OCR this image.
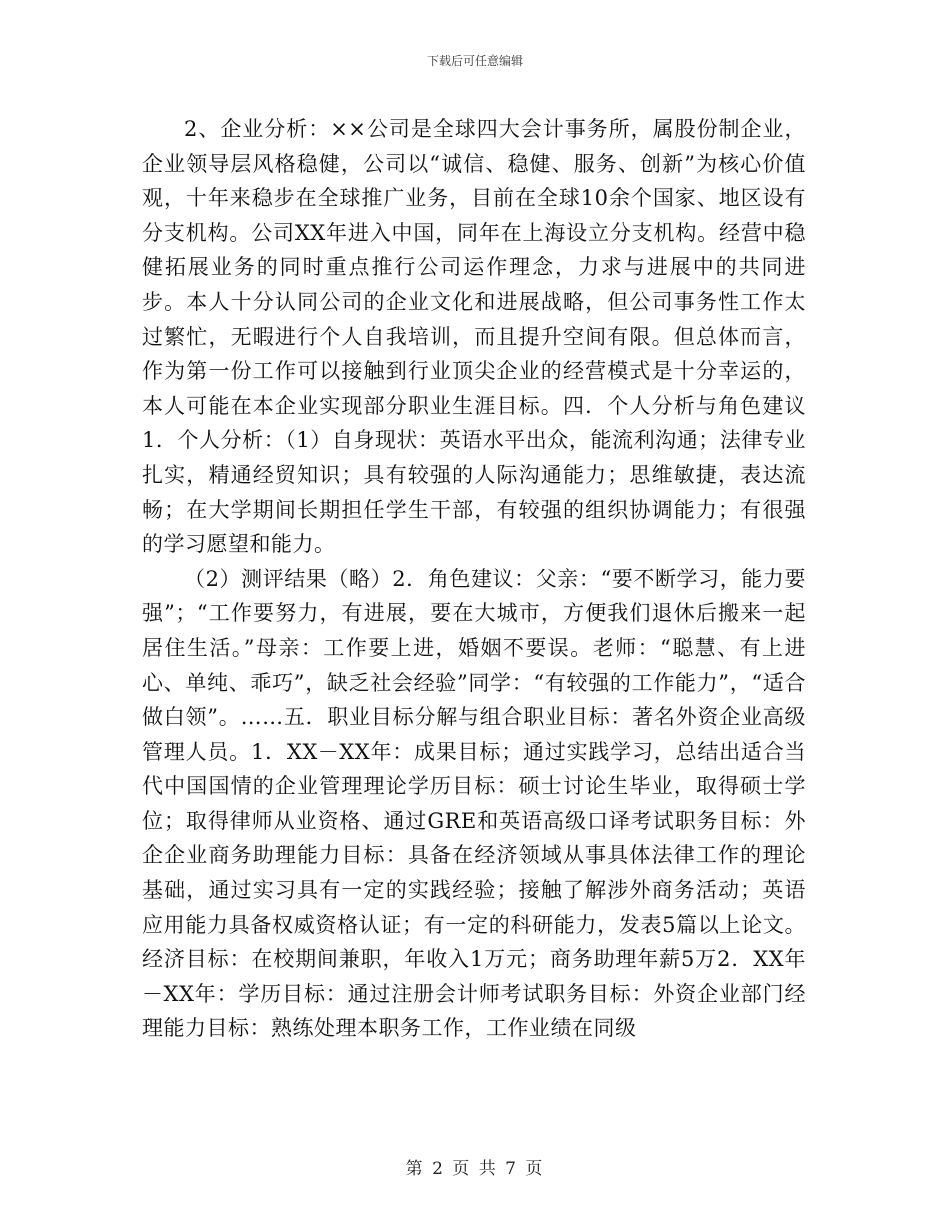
下载后可任意编辑

2、企业分析：××公司是全球四大会计事务所，属股份制企业，企业领导层风格稳健，公司以“诚信、稳健、服务、创新”为核心价值观，十年来稳步在全球推广业务，目前在全球10余个国家、地区设有分支机构。公司XX年进入中国，同年在上海设立分支机构。经营中稳健拓展业务的同时重点推行公司运作理念，力求与进展中的共同进步。本人十分认同公司的企业文化和进展战略，但公司事务性工作太过繁忙，无暇进行个人自我培训，而且提升空间有限。但总体而言，作为第一份工作可以接触到行业顶尖企业的经营模式是十分幸运的，本人可能在本企业实现部分职业生涯目标。四．个人分析与角色建议 1．个人分析：（1）自身现状：英语水平出众，能流利沟通；法律专业扎实，精通经贸知识；具有较强的人际沟通能力；思维敏捷，表达流畅；在大学期间长期担任学生干部，有较强的组织协调能力；有很强的学习愿望和能力。

（2）测评结果（略）2．角色建议：父亲：“要不断学习，能力要强”；“工作要努力，有进展，要在大城市，方便我们退休后搬来一起居住生活。”母亲：工作要上进，婚姻不要误。老师：“聪慧、有上进心、单纯、乖巧”，缺乏社会经验”同学：“有较强的工作能力”，“适合做白领”。……五．职业目标分解与组合职业目标：著名外资企业高级管理人员。1．XX－XX年：成果目标；通过实践学习，总结出适合当代中国国情的企业管理理论学历目标：硕士讨论生毕业，取得硕士学位；取得律师从业资格、通过GRE和英语高级口译考试职务目标：外企企业商务助理能力目标：具备在经济领域从事具体法律工作的理论基础，通过实习具有一定的实践经验；接触了解涉外商务活动；英语应用能力具备权威资格认证；有一定的科研能力，发表5篇以上论文。经济目标：在校期间兼职，年收入1万元；商务助理年薪5万2．XX年－XX年：学历目标：通过注册会计师考试职务目标：外资企业部门经理能力目标：熟练处理本职务工作，工作业绩在同级

第 2 页 共 7 页
